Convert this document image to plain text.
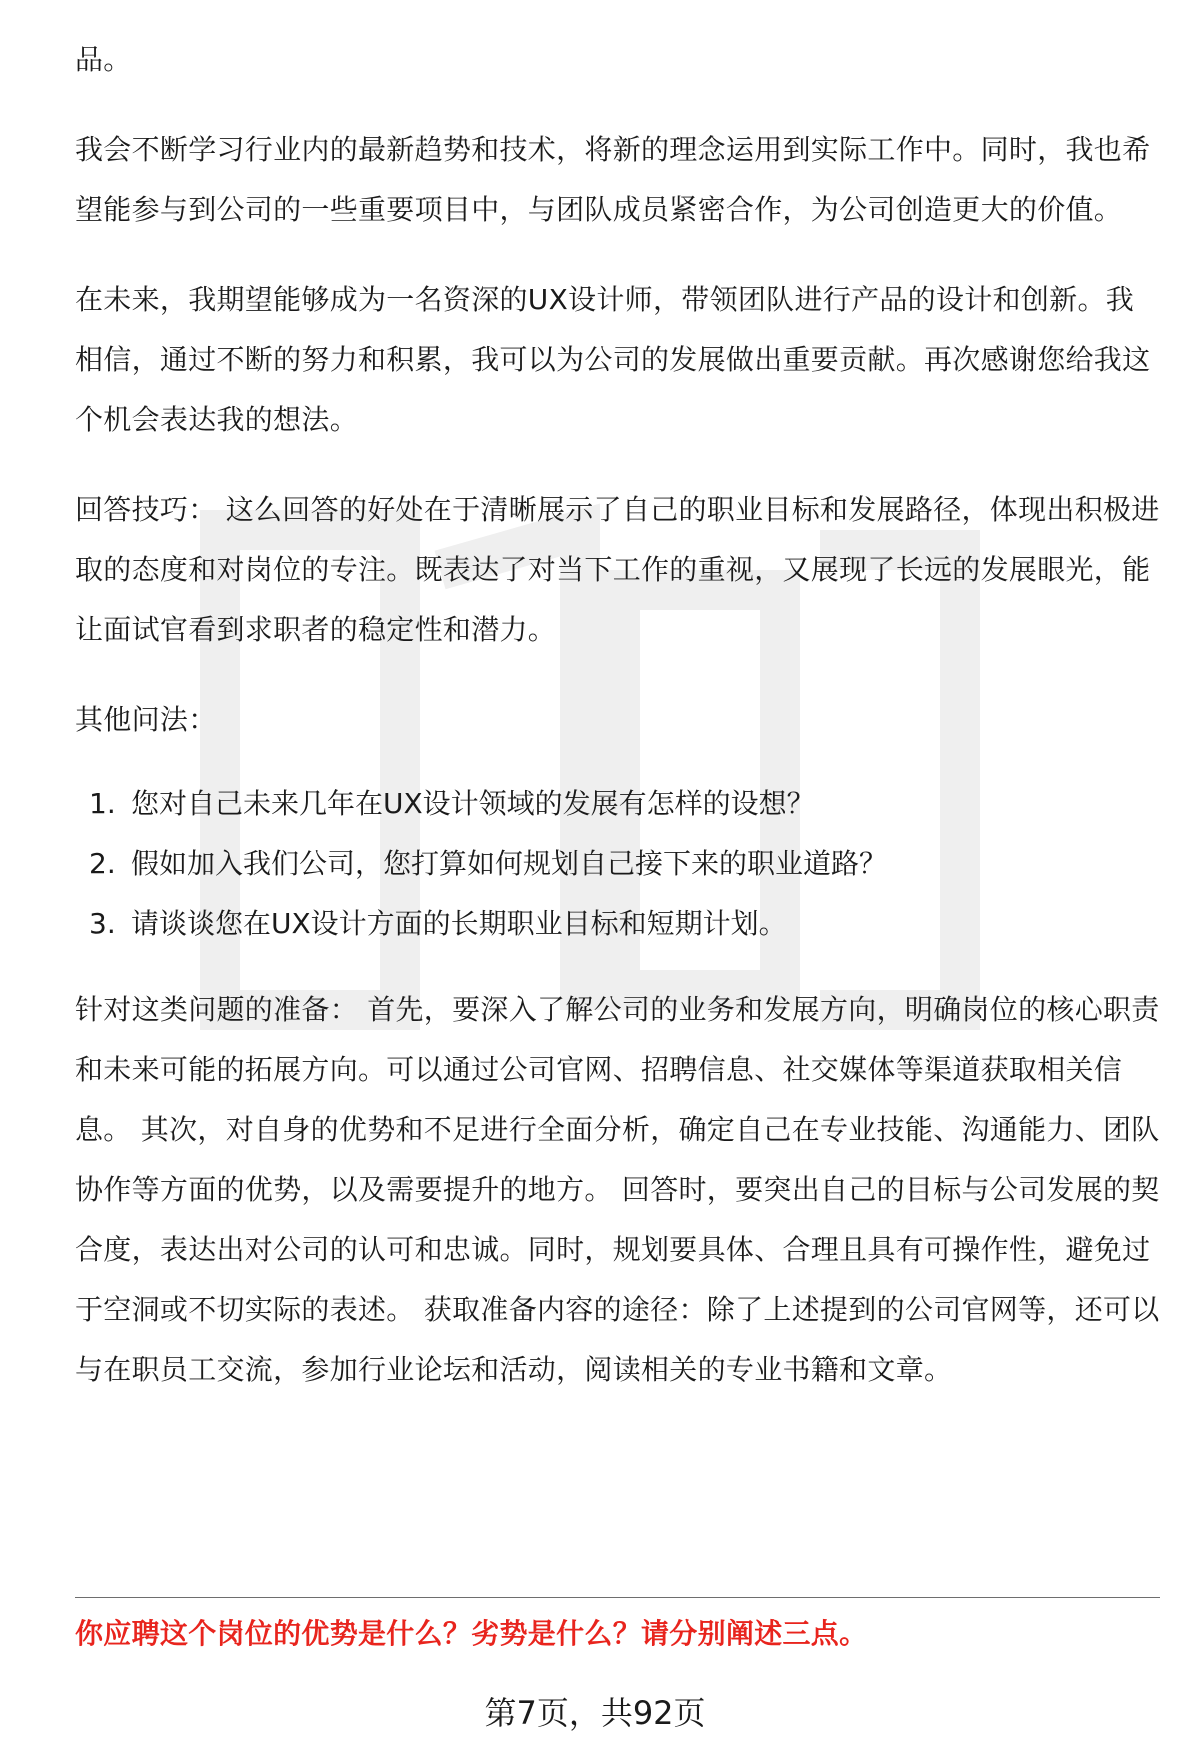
品。

我会不断学习行业内的最新趋势和技术，将新的理念运用到实际工作中。同时，我也希望能参与到公司的一些重要项目中，与团队成员紧密合作，为公司创造更大的价值。

在未来，我期望能够成为一名资深的UX设计师，带领团队进行产品的设计和创新。我相信，通过不断的努力和积累，我可以为公司的发展做出重要贡献。再次感谢您给我这个机会表达我的想法。

回答技巧： 这么回答的好处在于清晰展示了自己的职业目标和发展路径，体现出积极进取的态度和对岗位的专注。既表达了对当下工作的重视，又展现了长远的发展眼光，能让面试官看到求职者的稳定性和潜力。

其他问法：

1. 您对自己未来几年在UX设计领域的发展有怎样的设想？
2. 假如加入我们公司，您打算如何规划自己接下来的职业道路？
3. 请谈谈您在UX设计方面的长期职业目标和短期计划。

针对这类问题的准备： 首先，要深入了解公司的业务和发展方向，明确岗位的核心职责和未来可能的拓展方向。可以通过公司官网、招聘信息、社交媒体等渠道获取相关信息。 其次，对自身的优势和不足进行全面分析，确定自己在专业技能、沟通能力、团队协作等方面的优势，以及需要提升的地方。 回答时，要突出自己的目标与公司发展的契合度，表达出对公司的认可和忠诚。同时，规划要具体、合理且具有可操作性，避免过于空洞或不切实际的表述。 获取准备内容的途径：除了上述提到的公司官网等，还可以与在职员工交流，参加行业论坛和活动，阅读相关的专业书籍和文章。

你应聘这个岗位的优势是什么？劣势是什么？请分别阐述三点。
第7页，共92页
